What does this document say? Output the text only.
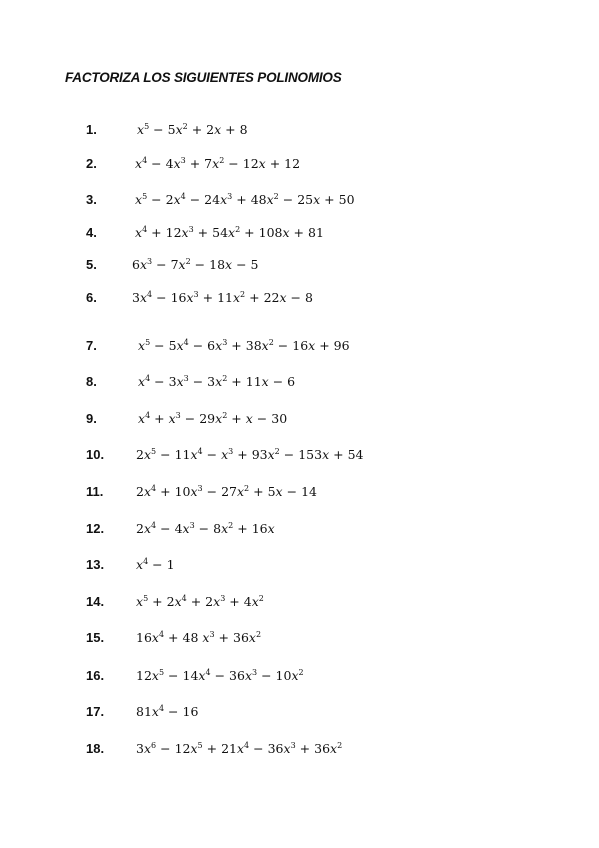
FACTORIZA LOS SIGUIENTES POLINOMIOS
1.	$x^5 - 5x^2 + 2x + 8$
2.	$x^4 - 4x^3 + 7x^2 - 12x + 12$
3.	$x^5 - 2x^4 - 24x^3 + 48x^2 - 25x + 50$
4.	$x^4 + 12x^3 + 54x^2 + 108x + 81$
5.	$6x^3 - 7x^2 - 18x - 5$
6.	$3x^4 - 16x^3 + 11x^2 + 22x - 8$
7.	$x^5 - 5x^4 - 6x^3 + 38x^2 - 16x + 96$
8.	$x^4 - 3x^3 - 3x^2 + 11x - 6$
9.	$x^4 + x^3 - 29x^2 + x - 30$
10.	$2x^5 - 11x^4 - x^3 + 93x^2 - 153x + 54$
11.	$2x^4 + 10x^3 - 27x^2 + 5x - 14$
12.	$2x^4 - 4x^3 - 8x^2 + 16x$
13.	$x^4 - 1$
14.	$x^5 + 2x^4 + 2x^3 + 4x^2$
15.	$16x^4 + 48$ $x^3 + 36x^2$
16.	$12x^5 - 14x^4 - 36x^3 - 10x^2$
17.	$81x^4 - 16$
18.	$3x^6 - 12x^5 + 21x^4 - 36x^3 + 36x^2$
